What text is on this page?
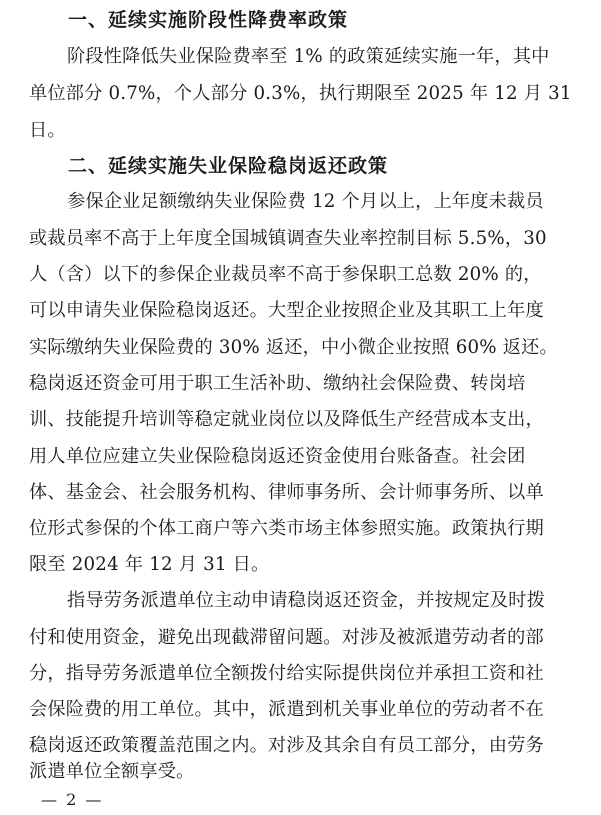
一、延续实施阶段性降费率政策
阶段性降低失业保险费率至 1% 的政策延续实施一年，其中
单位部分 0.7%，个人部分 0.3%，执行期限至 2025 年 12 月 31
日。
二、延续实施失业保险稳岗返还政策
参保企业足额缴纳失业保险费 12 个月以上，上年度未裁员
或裁员率不高于上年度全国城镇调查失业率控制目标 5.5%，30
人（含）以下的参保企业裁员率不高于参保职工总数 20% 的，
可以申请失业保险稳岗返还。大型企业按照企业及其职工上年度
实际缴纳失业保险费的 30% 返还，中小微企业按照 60% 返还。
稳岗返还资金可用于职工生活补助、缴纳社会保险费、转岗培
训、技能提升培训等稳定就业岗位以及降低生产经营成本支出，
用人单位应建立失业保险稳岗返还资金使用台账备查。社会团
体、基金会、社会服务机构、律师事务所、会计师事务所、以单
位形式参保的个体工商户等六类市场主体参照实施。政策执行期
限至 2024 年 12 月 31 日。
指导劳务派遣单位主动申请稳岗返还资金，并按规定及时拨
付和使用资金，避免出现截滞留问题。对涉及被派遣劳动者的部
分，指导劳务派遣单位全额拨付给实际提供岗位并承担工资和社
会保险费的用工单位。其中，派遣到机关事业单位的劳动者不在
稳岗返还政策覆盖范围之内。对涉及其余自有员工部分，由劳务
派遣单位全额享受。
— 2 —
